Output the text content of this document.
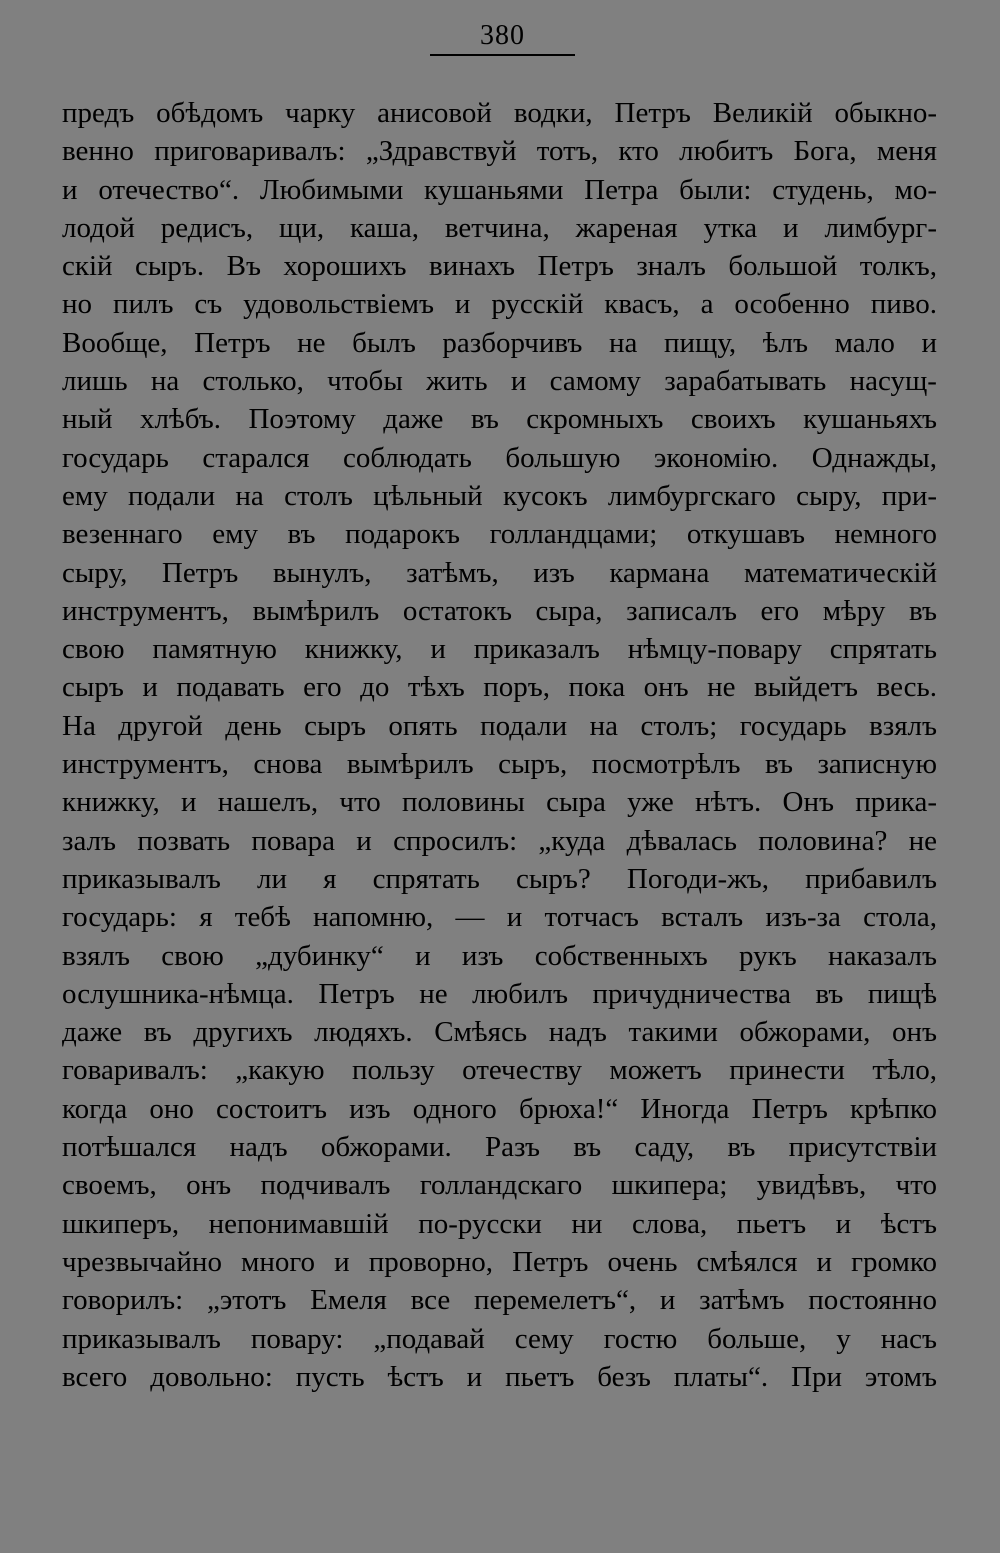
380
предъ обѣдомъ чарку анисовой водки, Петръ Великій обыкно-
венно приговаривалъ: „Здравствуй тотъ, кто любитъ Бога, меня
и отечество“. Любимыми кушаньями Петра были: студень, мо-
лодой редисъ, щи, каша, ветчина, жареная утка и лимбург-
скій сыръ. Въ хорошихъ винахъ Петръ зналъ большой толкъ,
но пилъ съ удовольствіемъ и русскій квасъ, а особенно пиво.
Вообще, Петръ не былъ разборчивъ на пищу, ѣлъ мало и
лишь на столько, чтобы жить и самому зарабатывать насущ-
ный хлѣбъ. Поэтому даже въ скромныхъ своихъ кушаньяхъ
государь старался соблюдать большую экономію. Однажды,
ему подали на столъ цѣльный кусокъ лимбургскаго сыру, при-
везеннаго ему въ подарокъ голландцами; откушавъ немного
сыру, Петръ вынулъ, затѣмъ, изъ кармана математическій
инструментъ, вымѣрилъ остатокъ сыра, записалъ его мѣру въ
свою памятную книжку, и приказалъ нѣмцу-повару спрятать
сыръ и подавать его до тѣхъ поръ, пока онъ не выйдетъ весь.
На другой день сыръ опять подали на столъ; государь взялъ
инструментъ, снова вымѣрилъ сыръ, посмотрѣлъ въ записную
книжку, и нашелъ, что половины сыра уже нѣтъ. Онъ прика-
залъ позвать повара и спросилъ: „куда дѣвалась половина? не
приказывалъ ли я спрятать сыръ? Погоди-жъ, прибавилъ
государь: я тебѣ напомню, — и тотчасъ всталъ изъ-за стола,
взялъ свою „дубинку“ и изъ собственныхъ рукъ наказалъ
ослушника-нѣмца. Петръ не любилъ причудничества въ пищѣ
даже въ другихъ людяхъ. Смѣясь надъ такими обжорами, онъ
говаривалъ: „какую пользу отечеству можетъ принести тѣло,
когда оно состоитъ изъ одного брюха!“ Иногда Петръ крѣпко
потѣшался надъ обжорами. Разъ въ саду, въ присутствіи
своемъ, онъ подчивалъ голландскаго шкипера; увидѣвъ, что
шкиперъ, непонимавшій по-русски ни слова, пьетъ и ѣстъ
чрезвычайно много и проворно, Петръ очень смѣялся и громко
говорилъ: „этотъ Емеля все перемелетъ“, и затѣмъ постоянно
приказывалъ повару: „подавай сему гостю больше, у насъ
всего довольно: пусть ѣстъ и пьетъ безъ платы“. При этомъ
